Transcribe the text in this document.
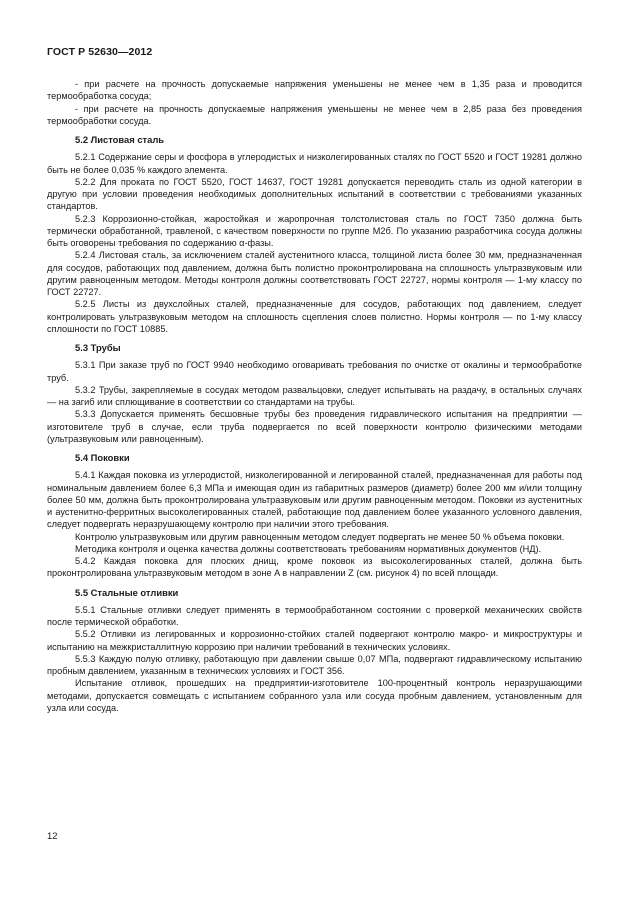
ГОСТ Р 52630—2012

- при расчете на прочность допускаемые напряжения уменьшены не менее чем в 1,35 раза и проводится термообработка сосуда;

- при расчете на прочность допускаемые напряжения уменьшены не менее чем в 2,85 раза без проведения термообработки сосуда.

5.2 Листовая сталь

5.2.1 Содержание серы и фосфора в углеродистых и низколегированных сталях по ГОСТ 5520 и ГОСТ 19281 должно быть не более 0,035 % каждого элемента.

5.2.2 Для проката по ГОСТ 5520, ГОСТ 14637, ГОСТ 19281 допускается переводить сталь из одной категории в другую при условии проведения необходимых дополнительных испытаний в соответствии с требованиями указанных стандартов.

5.2.3 Коррозионно-стойкая, жаростойкая и жаропрочная толстолистовая сталь по ГОСТ 7350 должна быть термически обработанной, травленой, с качеством поверхности по группе М2б. По указанию разработчика сосуда должны быть оговорены требования по содержанию α-фазы.

5.2.4 Листовая сталь, за исключением сталей аустенитного класса, толщиной листа более 30 мм, предназначенная для сосудов, работающих под давлением, должна быть полистно проконтролирована на сплошность ультразвуковым или другим равноценным методом. Методы контроля должны соответствовать ГОСТ 22727, нормы контроля — 1-му классу по ГОСТ 22727.

5.2.5 Листы из двухслойных сталей, предназначенные для сосудов, работающих под давлением, следует контролировать ультразвуковым методом на сплошность сцепления слоев полистно. Нормы контроля — по 1-му классу сплошности по ГОСТ 10885.

5.3 Трубы

5.3.1 При заказе труб по ГОСТ 9940 необходимо оговаривать требования по очистке от окалины и термообработке труб.

5.3.2 Трубы, закрепляемые в сосудах методом развальцовки, следует испытывать на раздачу, в остальных случаях — на загиб или сплющивание в соответствии со стандартами на трубы.

5.3.3 Допускается применять бесшовные трубы без проведения гидравлического испытания на предприятии — изготовителе труб в случае, если труба подвергается по всей поверхности контролю физическими методами (ультразвуковым или равноценным).

5.4 Поковки

5.4.1 Каждая поковка из углеродистой, низколегированной и легированной сталей, предназначенная для работы под номинальным давлением более 6,3 МПа и имеющая один из габаритных размеров (диаметр) более 200 мм и/или толщину более 50 мм, должна быть проконтролирована ультразвуковым или другим равноценным методом. Поковки из аустенитных и аустенитно-ферритных высоколегированных сталей, работающие под давлением более указанного условного давления, следует подвергать неразрушающему контролю при наличии этого требования.

Контролю ультразвуковым или другим равноценным методом следует подвергать не менее 50 % объема поковки.

Методика контроля и оценка качества должны соответствовать требованиям нормативных документов (НД).

5.4.2 Каждая поковка для плоских днищ, кроме поковок из высоколегированных сталей, должна быть проконтролирована ультразвуковым методом в зоне A в направлении Z (см. рисунок 4) по всей площади.

5.5 Стальные отливки

5.5.1 Стальные отливки следует применять в термообработанном состоянии с проверкой механических свойств после термической обработки.

5.5.2 Отливки из легированных и коррозионно-стойких сталей подвергают контролю макро- и микроструктуры и испытанию на межкристаллитную коррозию при наличии требований в технических условиях.

5.5.3 Каждую полую отливку, работающую при давлении свыше 0,07 МПа, подвергают гидравлическому испытанию пробным давлением, указанным в технических условиях и ГОСТ 356.

Испытание отливок, прошедших на предприятии-изготовителе 100-процентный контроль неразрушающими методами, допускается совмещать с испытанием собранного узла или сосуда пробным давлением, установленным для узла или сосуда.

12
